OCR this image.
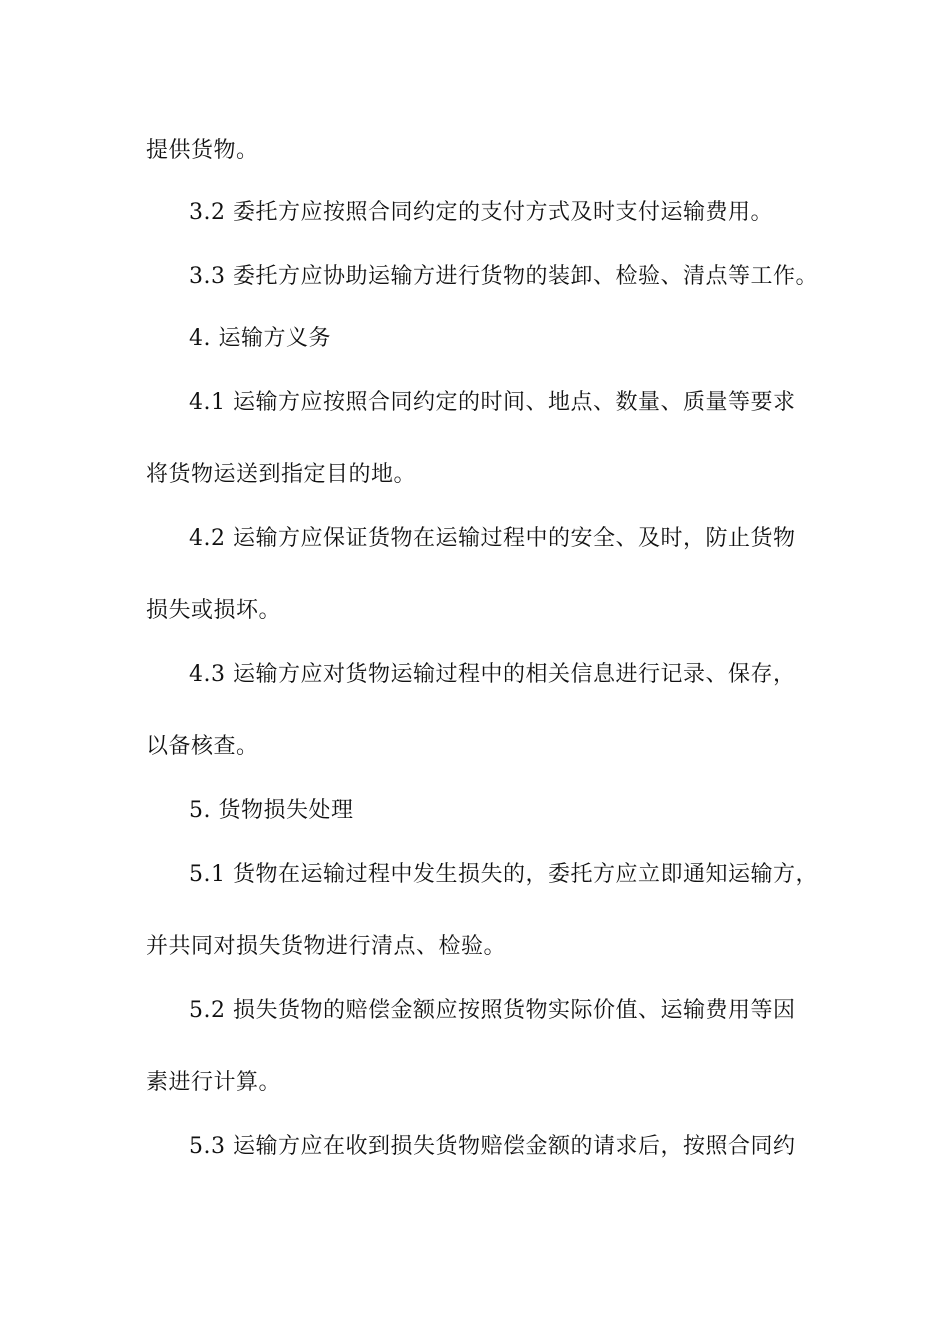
提供货物。
3.2 委托方应按照合同约定的支付方式及时支付运输费用。
3.3 委托方应协助运输方进行货物的装卸、检验、清点等工作。
4. 运输方义务
4.1 运输方应按照合同约定的时间、地点、数量、质量等要求
将货物运送到指定目的地。
4.2 运输方应保证货物在运输过程中的安全、及时，防止货物
损失或损坏。
4.3 运输方应对货物运输过程中的相关信息进行记录、保存，
以备核查。
5. 货物损失处理
5.1 货物在运输过程中发生损失的，委托方应立即通知运输方，
并共同对损失货物进行清点、检验。
5.2 损失货物的赔偿金额应按照货物实际价值、运输费用等因
素进行计算。
5.3 运输方应在收到损失货物赔偿金额的请求后，按照合同约
